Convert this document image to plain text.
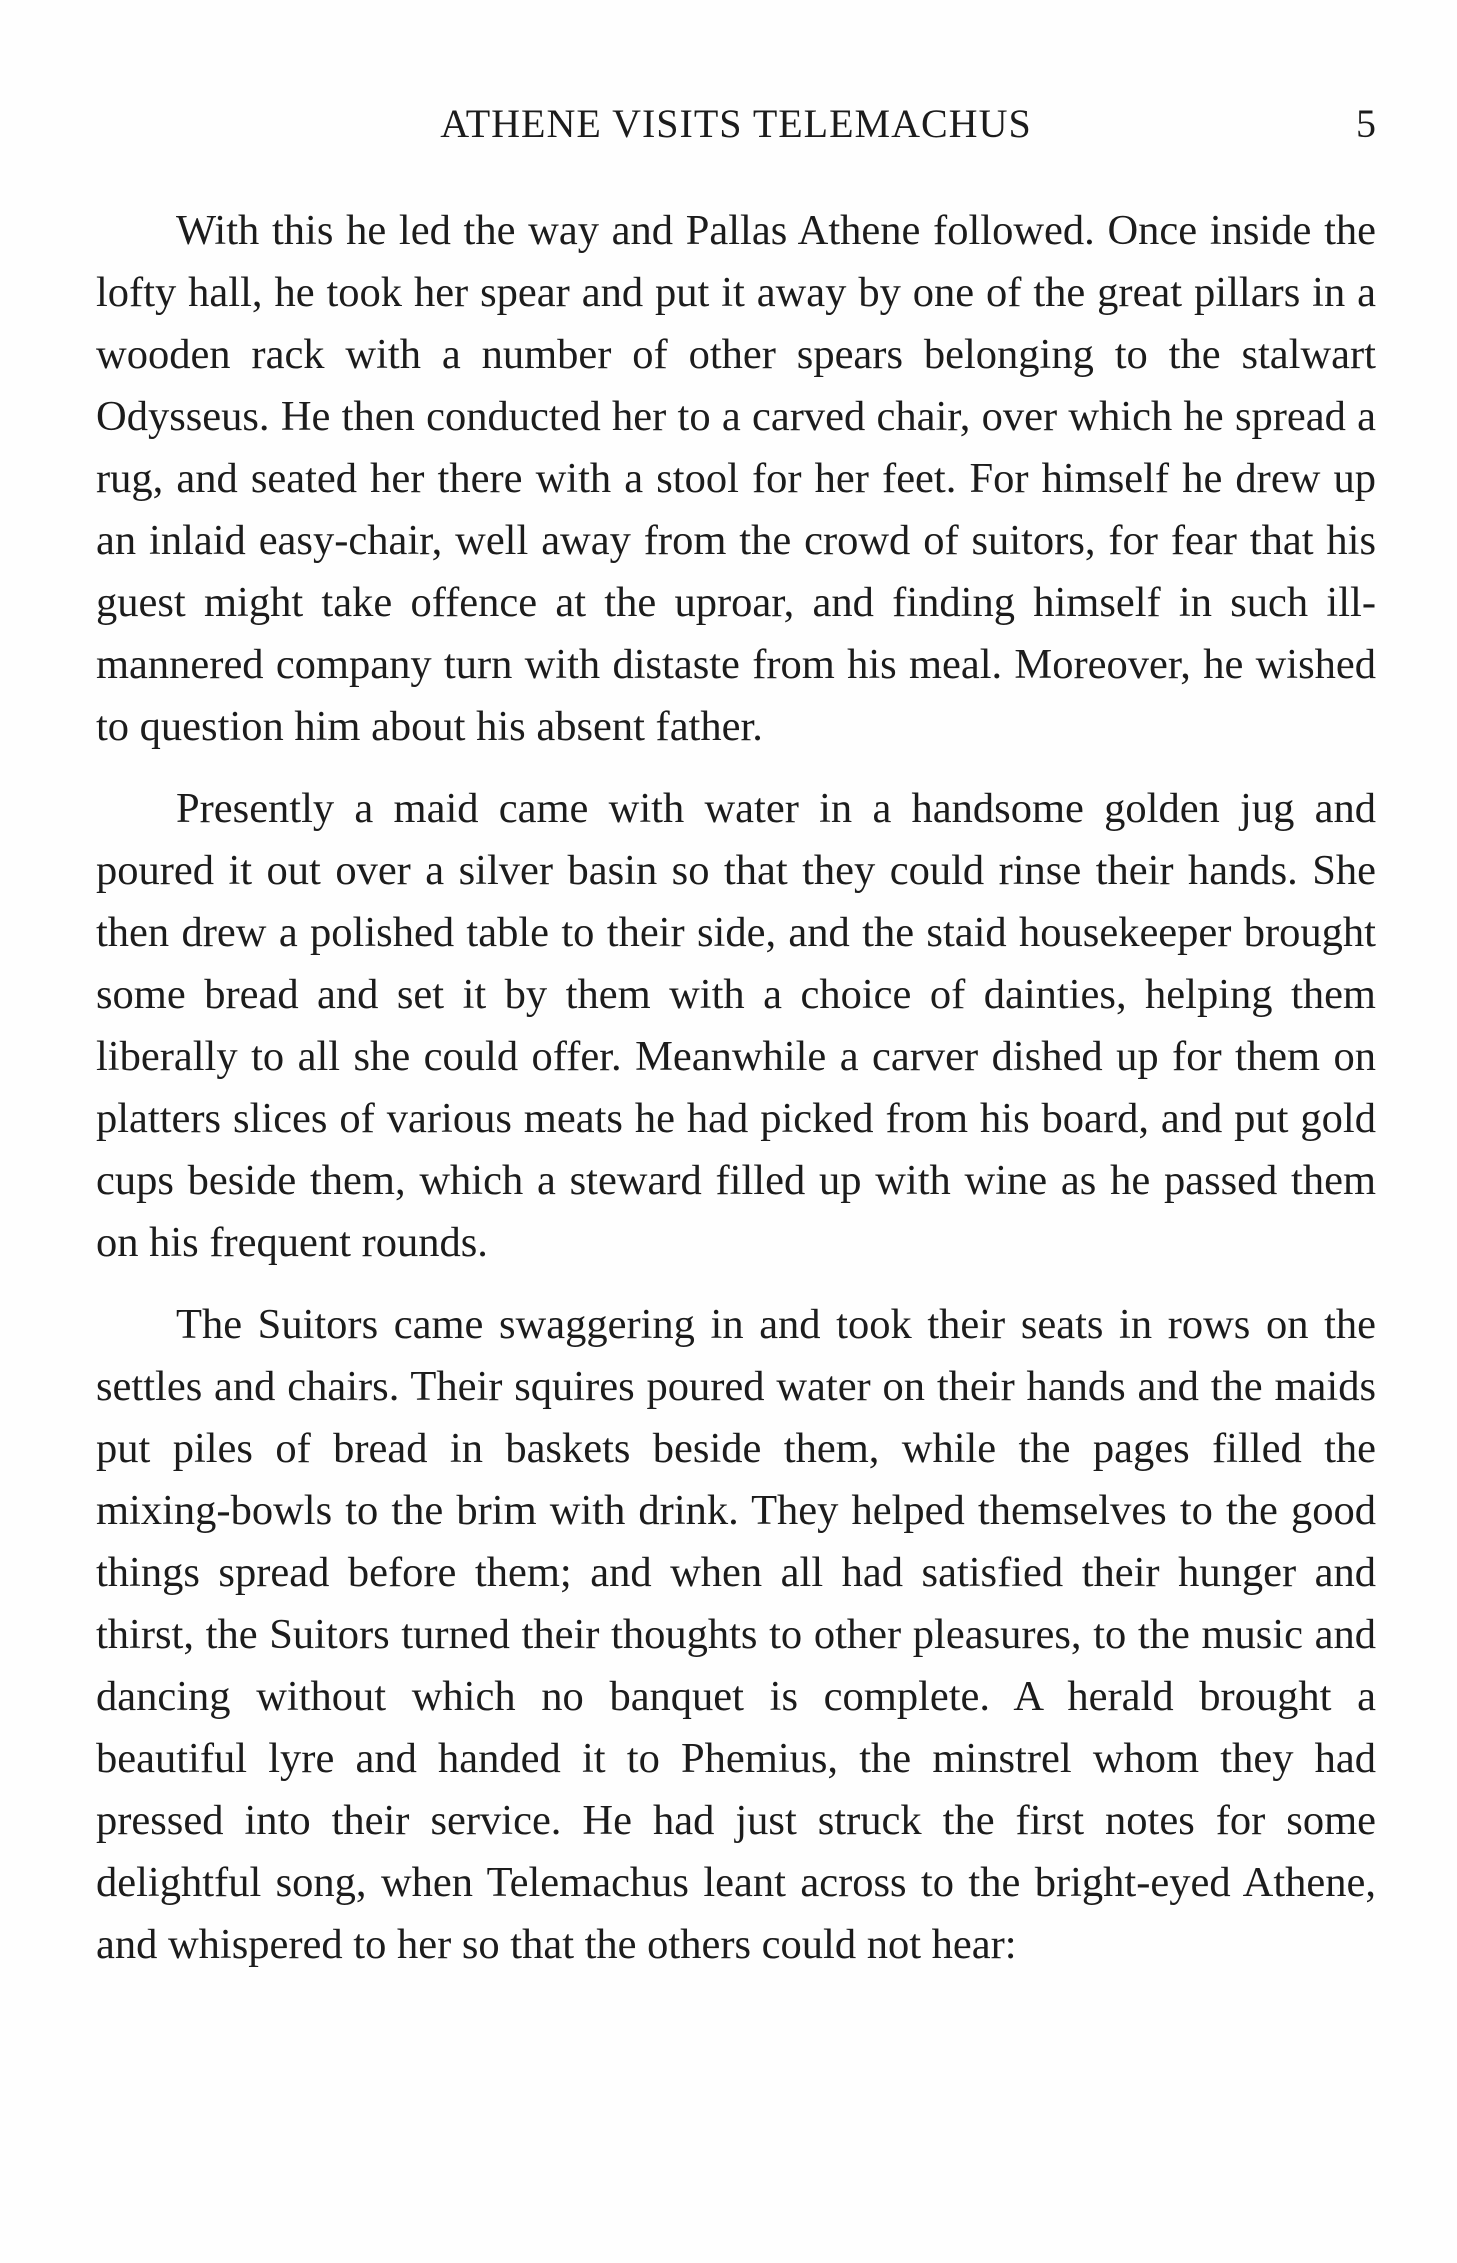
ATHENE VISITS TELEMACHUS	5

With this he led the way and Pallas Athene followed. Once inside the lofty hall, he took her spear and put it away by one of the great pillars in a wooden rack with a number of other spears belonging to the stalwart Odysseus. He then conducted her to a carved chair, over which he spread a rug, and seated her there with a stool for her feet. For himself he drew up an inlaid easy-chair, well away from the crowd of suitors, for fear that his guest might take offence at the uproar, and finding himself in such ill-mannered company turn with distaste from his meal. Moreover, he wished to question him about his absent father.

Presently a maid came with water in a handsome golden jug and poured it out over a silver basin so that they could rinse their hands. She then drew a polished table to their side, and the staid housekeeper brought some bread and set it by them with a choice of dainties, helping them liberally to all she could offer. Meanwhile a carver dished up for them on platters slices of various meats he had picked from his board, and put gold cups beside them, which a steward filled up with wine as he passed them on his frequent rounds.

The Suitors came swaggering in and took their seats in rows on the settles and chairs. Their squires poured water on their hands and the maids put piles of bread in baskets beside them, while the pages filled the mixing-bowls to the brim with drink. They helped themselves to the good things spread before them; and when all had satisfied their hunger and thirst, the Suitors turned their thoughts to other pleasures, to the music and dancing without which no banquet is complete. A herald brought a beautiful lyre and handed it to Phemius, the minstrel whom they had pressed into their service. He had just struck the first notes for some delightful song, when Telemachus leant across to the bright-eyed Athene, and whispered to her so that the others could not hear:
